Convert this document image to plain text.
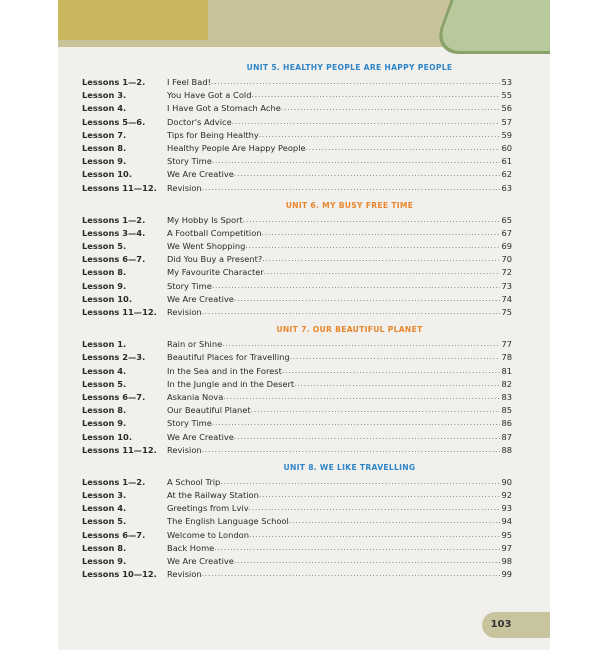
UNIT 5. HEALTHY PEOPLE ARE HAPPY PEOPLE
Lessons 1—2.	I Feel Bad! .....	53
Lesson 3.	You Have Got a Cold .....	55
Lesson 4.	I Have Got a Stomach Ache .....	56
Lessons 5—6.	Doctor's Advice .....	57
Lesson 7.	Tips for Being Healthy .....	59
Lesson 8.	Healthy People Are Happy People .....	60
Lesson 9.	Story Time .....	61
Lesson 10.	We Are Creative .....	62
Lessons 11—12.	Revision .....	63
UNIT 6. MY BUSY FREE TIME
Lessons 1—2.	My Hobby Is Sport .....	65
Lessons 3—4.	A Football Competition .....	67
Lesson 5.	We Went Shopping .....	69
Lessons 6—7.	Did You Buy a Present? .....	70
Lesson 8.	My Favourite Character .....	72
Lesson 9.	Story Time .....	73
Lesson 10.	We Are Creative .....	74
Lessons 11—12.	Revision .....	75
UNIT 7. OUR BEAUTIFUL PLANET
Lesson 1.	Rain or Shine .....	77
Lessons 2—3.	Beautiful Places for Travelling .....	78
Lesson 4.	In the Sea and in the Forest .....	81
Lesson 5.	In the Jungle and in the Desert .....	82
Lessons 6—7.	Askania Nova .....	83
Lesson 8.	Our Beautiful Planet .....	85
Lesson 9.	Story Time .....	86
Lesson 10.	We Are Creative .....	87
Lessons 11—12.	Revision .....	88
UNIT 8. WE LIKE TRAVELLING
Lessons 1—2.	A School Trip .....	90
Lesson 3.	At the Railway Station .....	92
Lesson 4.	Greetings from Lviv .....	93
Lesson 5.	The English Language School .....	94
Lessons 6—7.	Welcome to London .....	95
Lesson 8.	Back Home .....	97
Lesson 9.	We Are Creative .....	98
Lessons 10—12.	Revision .....	99
103
